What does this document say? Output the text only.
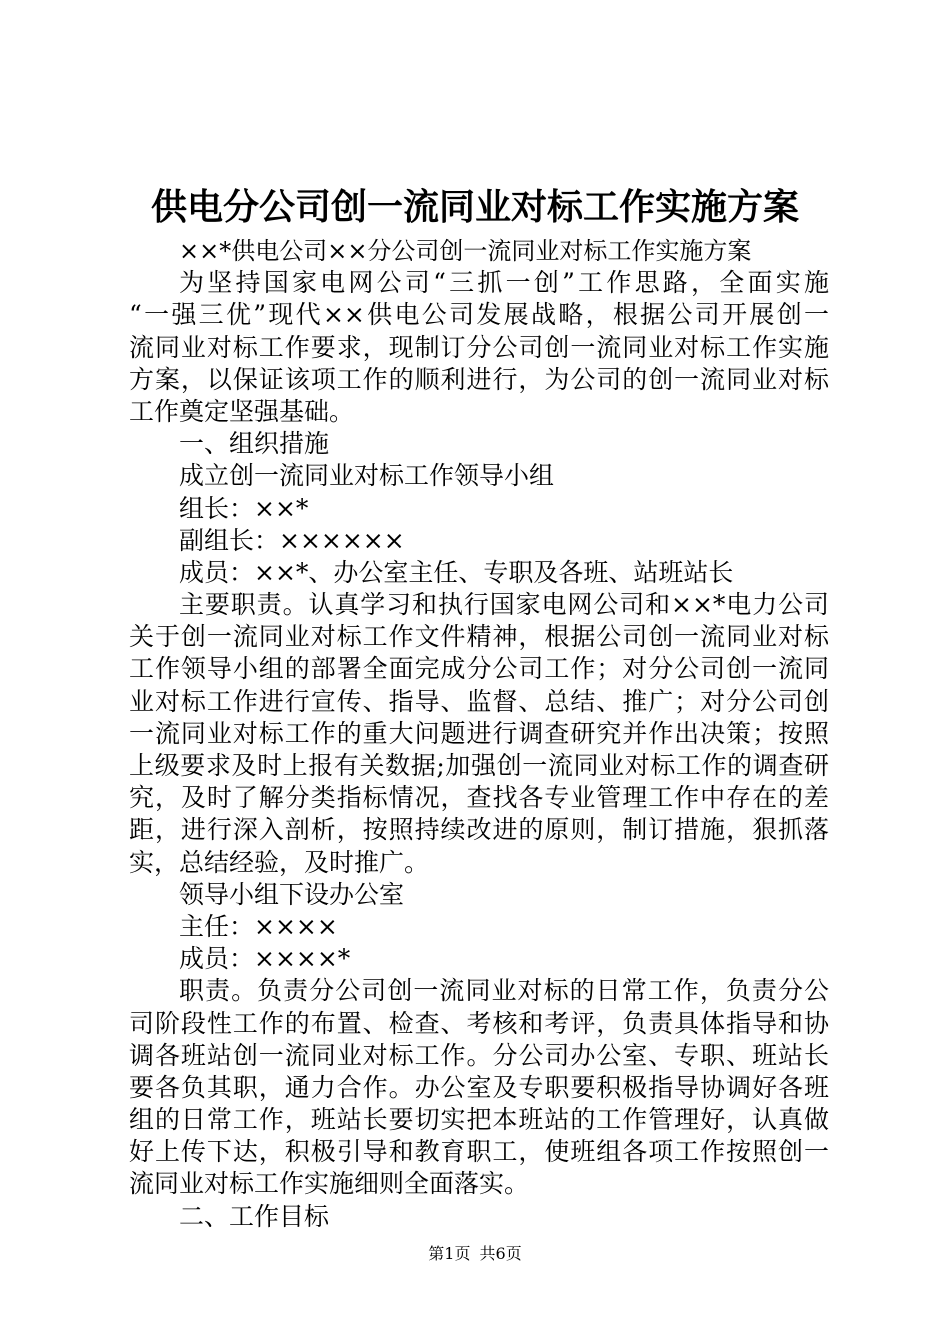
供电分公司创一流同业对标工作实施方案
××*供电公司××分公司创一流同业对标工作实施方案
为坚持国家电网公司“三抓一创”工作思路，全面实施
“一强三优”现代××供电公司发展战略，根据公司开展创一
流同业对标工作要求，现制订分公司创一流同业对标工作实施
方案，以保证该项工作的顺利进行，为公司的创一流同业对标
工作奠定坚强基础。
一、组织措施
成立创一流同业对标工作领导小组
组长：××*
副组长：××××××
成员：××*、办公室主任、专职及各班、站班站长
主要职责。认真学习和执行国家电网公司和××*电力公司
关于创一流同业对标工作文件精神，根据公司创一流同业对标
工作领导小组的部署全面完成分公司工作；对分公司创一流同
业对标工作进行宣传、指导、监督、总结、推广；对分公司创
一流同业对标工作的重大问题进行调查研究并作出决策；按照
上级要求及时上报有关数据;加强创一流同业对标工作的调查研
究，及时了解分类指标情况，查找各专业管理工作中存在的差
距，进行深入剖析，按照持续改进的原则，制订措施，狠抓落
实，总结经验，及时推广。
领导小组下设办公室
主任：××××
成员：××××*
职责。负责分公司创一流同业对标的日常工作，负责分公
司阶段性工作的布置、检查、考核和考评，负责具体指导和协
调各班站创一流同业对标工作。分公司办公室、专职、班站长
要各负其职，通力合作。办公室及专职要积极指导协调好各班
组的日常工作，班站长要切实把本班站的工作管理好，认真做
好上传下达，积极引导和教育职工，使班组各项工作按照创一
流同业对标工作实施细则全面落实。
二、工作目标
第1页 共6页
